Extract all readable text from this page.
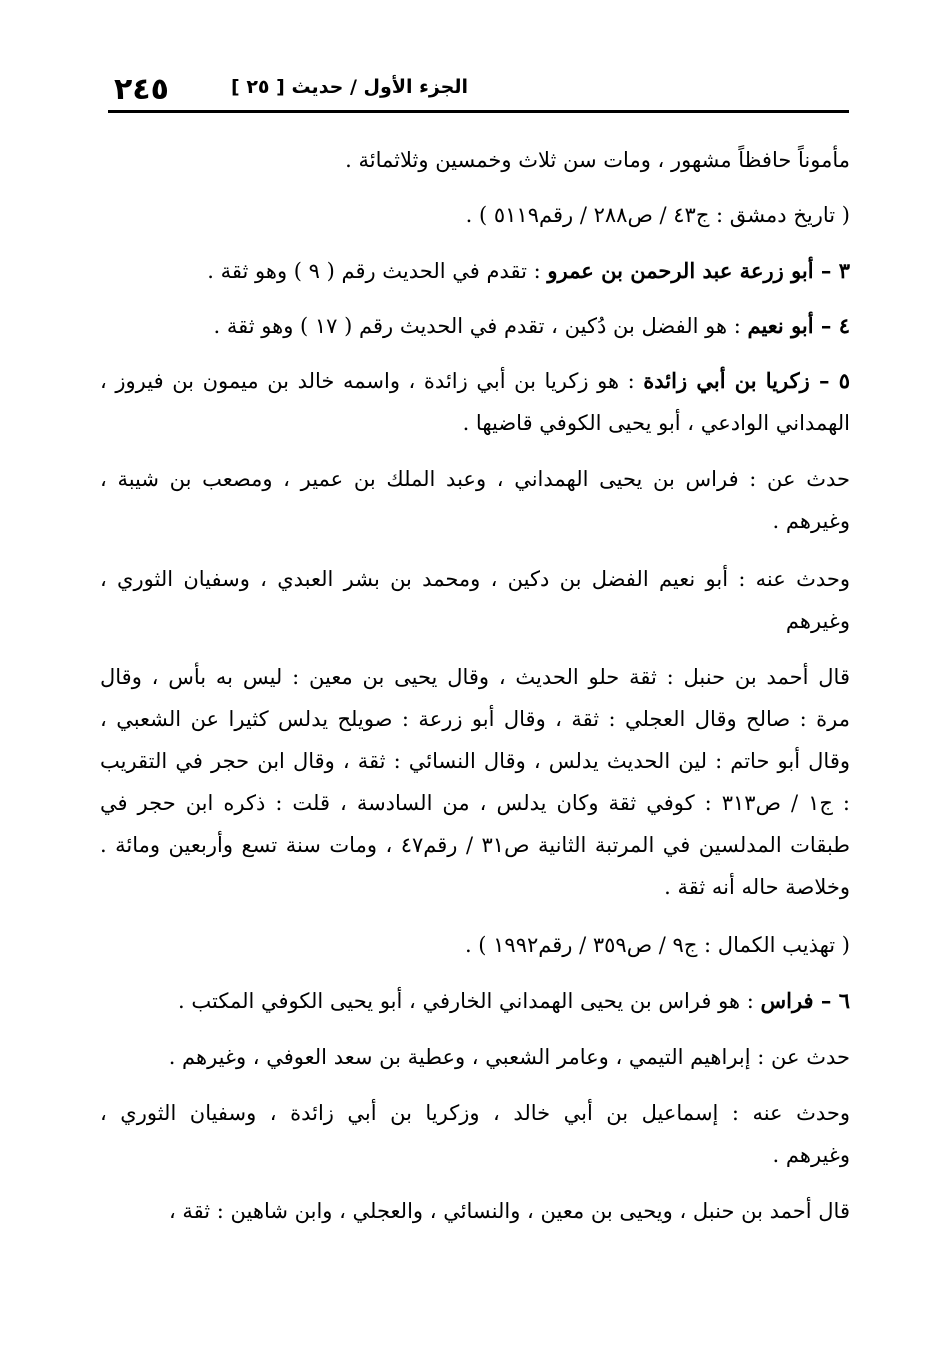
٢٤٥	الجزء الأول / حديث [ ٢٥ ]
مأموناً حافظاً مشهور ، ومات سن ثلاث وخمسين وثلاثمائة .
( تاريخ دمشق : ج٤٣ / ص٢٨٨ / رقم٥١١٩ ) .
٣ – أبو زرعة عبد الرحمن بن عمرو : تقدم في الحديث رقم ( ٩ ) وهو ثقة .
٤ – أبو نعيم : هو الفضل بن دُكين ، تقدم في الحديث رقم ( ١٧ ) وهو ثقة .
٥ – زكريا بن أبي زائدة : هو زكريا بن أبي زائدة ، واسمه خالد بن ميمون بن فيروز ،
الهمداني الوادعي ، أبو يحيى الكوفي قاضيها .
حدث عن : فراس بن يحيى الهمداني ، وعبد الملك بن عمير ، ومصعب بن شيبة ،
وغيرهم .
وحدث عنه : أبو نعيم الفضل بن دكين ، ومحمد بن بشر العبدي ، وسفيان الثوري ،
وغيرهم
قال أحمد بن حنبل : ثقة حلو الحديث ، وقال يحيى بن معين : ليس به بأس ، وقال
مرة : صالح وقال العجلي : ثقة ، وقال أبو زرعة : صويلح يدلس كثيرا عن الشعبي ،
وقال أبو حاتم : لين الحديث يدلس ، وقال النسائي : ثقة ، وقال ابن حجر في التقريب
: ج١ / ص٣١٣ : كوفي ثقة وكان يدلس ، من السادسة ، قلت : ذكره ابن حجر في
طبقات المدلسين في المرتبة الثانية ص٣١ / رقم٤٧ ، ومات سنة تسع وأربعين ومائة .
وخلاصة حاله أنه ثقة .
( تهذيب الكمال : ج٩ / ص٣٥٩ / رقم١٩٩٢ ) .
٦ – فراس : هو فراس بن يحيى الهمداني الخارفي ، أبو يحيى الكوفي المكتب .
حدث عن : إبراهيم التيمي ، وعامر الشعبي ، وعطية بن سعد العوفي ، وغيرهم .
وحدث عنه : إسماعيل بن أبي خالد ، وزكريا بن أبي زائدة ، وسفيان الثوري ،
وغيرهم .
قال أحمد بن حنبل ، ويحيى بن معين ، والنسائي ، والعجلي ، وابن شاهين : ثقة ،
